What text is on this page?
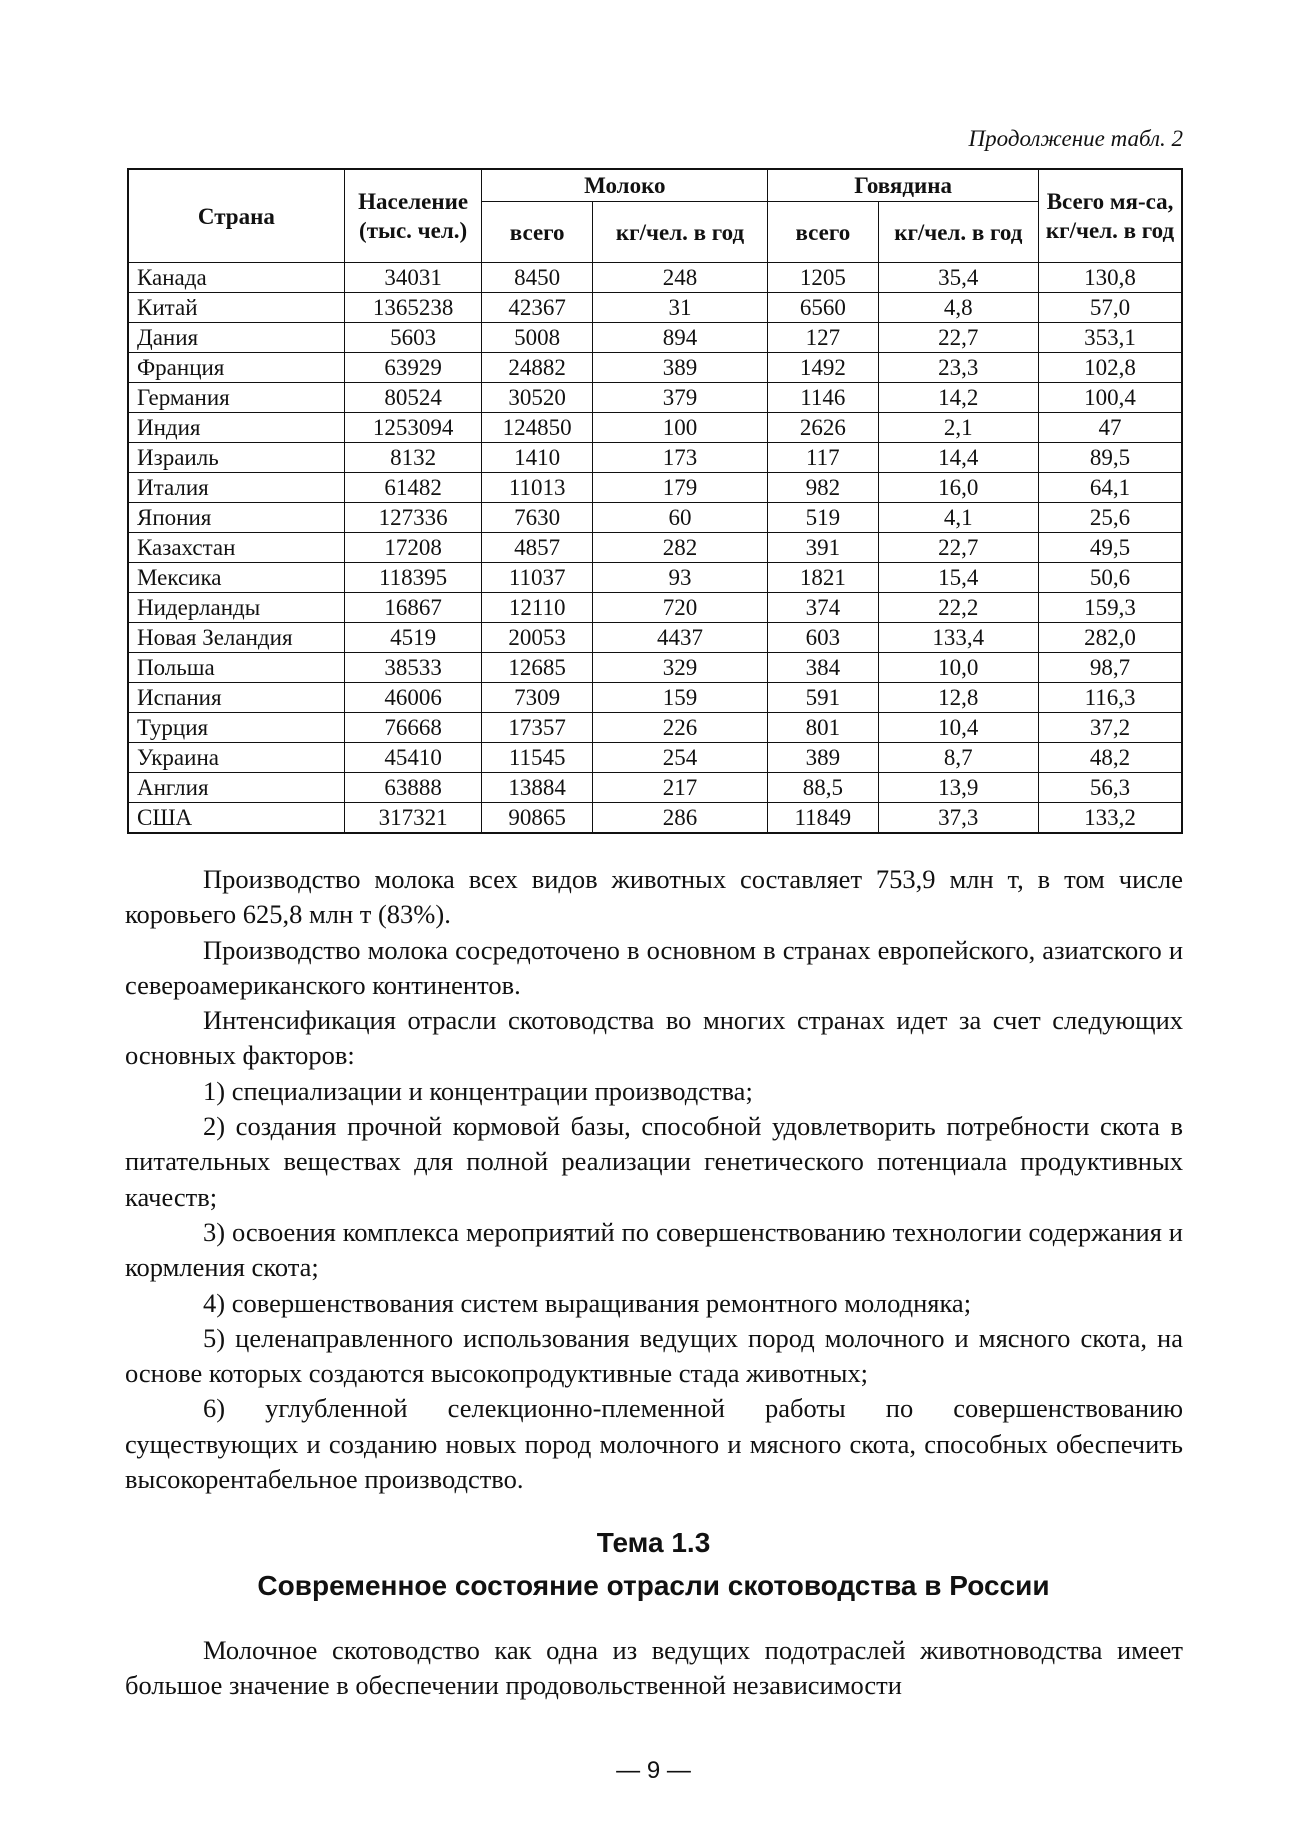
Продолжение табл. 2

Страна	Население (тыс. чел.)	Молоко		Говядина		Всего мя-са, кг/чел. в год
		всего	кг/чел. в год	всего	кг/чел. в год	
Канада	34031	8450	248	1205	35,4	130,8
Китай	1365238	42367	31	6560	4,8	57,0
Дания	5603	5008	894	127	22,7	353,1
Франция	63929	24882	389	1492	23,3	102,8
Германия	80524	30520	379	1146	14,2	100,4
Индия	1253094	124850	100	2626	2,1	47
Израиль	8132	1410	173	117	14,4	89,5
Италия	61482	11013	179	982	16,0	64,1
Япония	127336	7630	60	519	4,1	25,6
Казахстан	17208	4857	282	391	22,7	49,5
Мексика	118395	11037	93	1821	15,4	50,6
Нидерланды	16867	12110	720	374	22,2	159,3
Новая Зеландия	4519	20053	4437	603	133,4	282,0
Польша	38533	12685	329	384	10,0	98,7
Испания	46006	7309	159	591	12,8	116,3
Турция	76668	17357	226	801	10,4	37,2
Украина	45410	11545	254	389	8,7	48,2
Англия	63888	13884	217	88,5	13,9	56,3
США	317321	90865	286	11849	37,3	133,2

Производство молока всех видов животных составляет 753,9 млн т, в том числе коровьего 625,8 млн т (83%).

Производство молока сосредоточено в основном в странах европейского, азиатского и североамериканского континентов.

Интенсификация отрасли скотоводства во многих странах идет за счет следующих основных факторов:

1) специализации и концентрации производства;

2) создания прочной кормовой базы, способной удовлетворить потребности скота в питательных веществах для полной реализации генетического потенциала продуктивных качеств;

3) освоения комплекса мероприятий по совершенствованию технологии содержания и кормления скота;

4) совершенствования систем выращивания ремонтного молодняка;

5) целенаправленного использования ведущих пород молочного и мясного скота, на основе которых создаются высокопродуктивные стада животных;

6) углубленной селекционно-племенной работы по совершенствованию существующих и созданию новых пород молочного и мясного скота, способных обеспечить высокорентабельное производство.

Тема 1.3
Современное состояние отрасли скотоводства в России

Молочное скотоводство как одна из ведущих подотраслей животноводства имеет большое значение в обеспечении продовольственной независимости

— 9 —
